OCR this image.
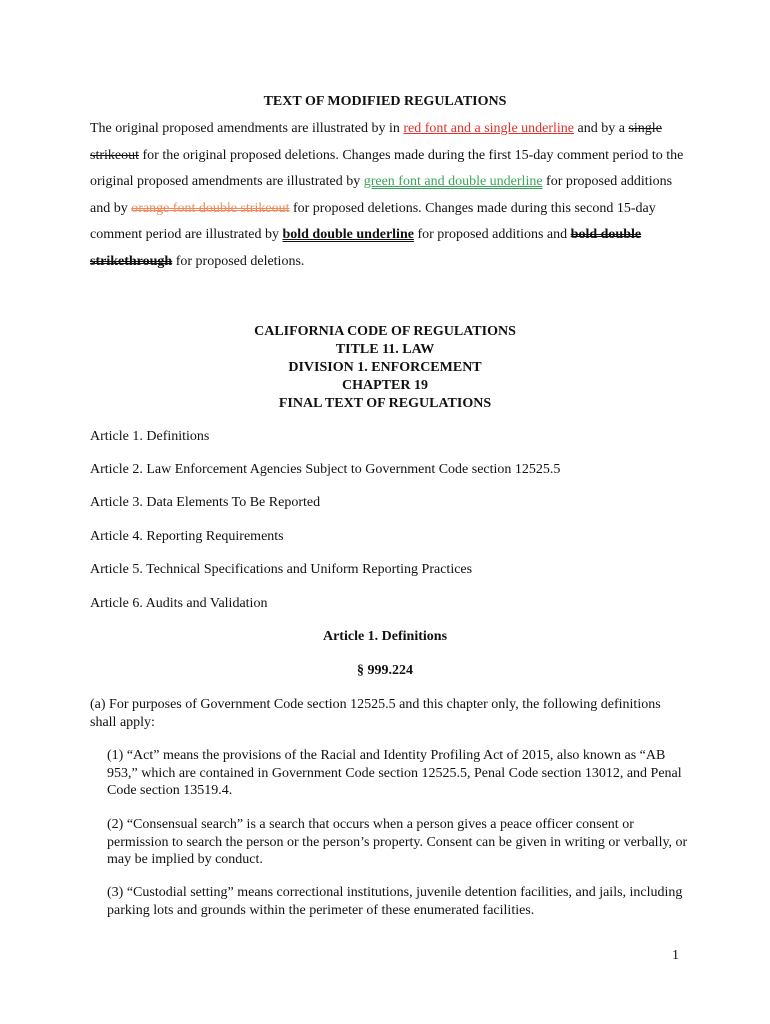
TEXT OF MODIFIED REGULATIONS
The original proposed amendments are illustrated by in red font and a single underline and by a single strikeout for the original proposed deletions. Changes made during the first 15-day comment period to the original proposed amendments are illustrated by green font and double underline for proposed additions and by orange font double strikeout for proposed deletions. Changes made during this second 15-day comment period are illustrated by bold double underline for proposed additions and bold double strikethrough for proposed deletions.
CALIFORNIA CODE OF REGULATIONS
TITLE 11. LAW
DIVISION 1. ENFORCEMENT
CHAPTER 19
FINAL TEXT OF REGULATIONS
Article 1. Definitions
Article 2. Law Enforcement Agencies Subject to Government Code section 12525.5
Article 3. Data Elements To Be Reported
Article 4. Reporting Requirements
Article 5. Technical Specifications and Uniform Reporting Practices
Article 6. Audits and Validation
Article 1. Definitions
§ 999.224
(a) For purposes of Government Code section 12525.5 and this chapter only, the following definitions shall apply:
(1) “Act” means the provisions of the Racial and Identity Profiling Act of 2015, also known as “AB 953,” which are contained in Government Code section 12525.5, Penal Code section 13012, and Penal Code section 13519.4.
(2) “Consensual search” is a search that occurs when a person gives a peace officer consent or permission to search the person or the person’s property. Consent can be given in writing or verbally, or may be implied by conduct.
(3) “Custodial setting” means correctional institutions, juvenile detention facilities, and jails, including parking lots and grounds within the perimeter of these enumerated facilities.
1
